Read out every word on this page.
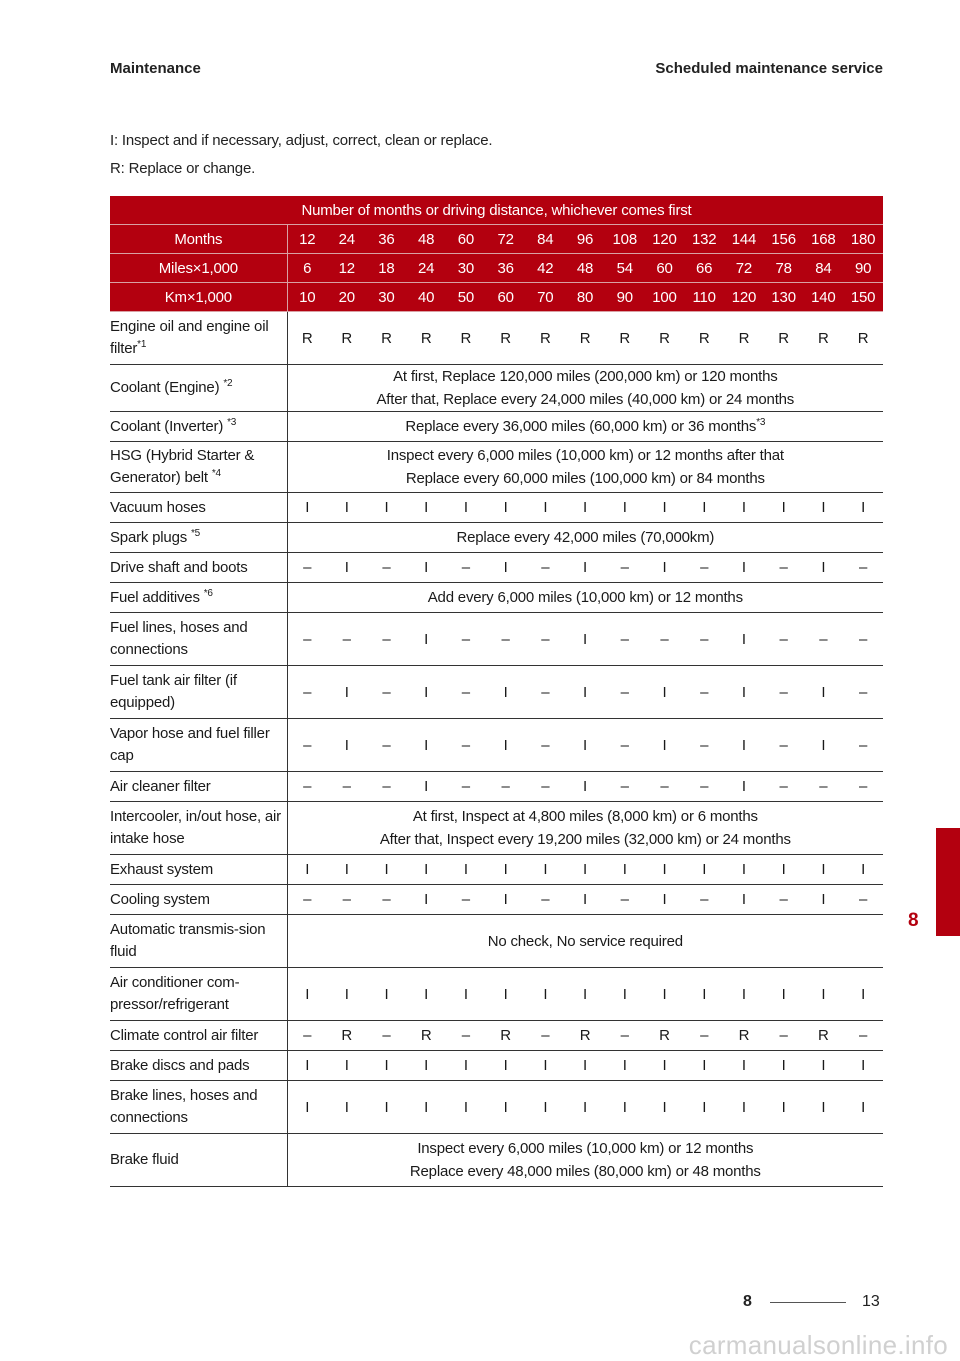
Maintenance	Scheduled maintenance service
I: Inspect and if necessary, adjust, correct, clean or replace.
R: Replace or change.
Number of months or driving distance, whichever comes first															
Months	12	24	36	48	60	72	84	96	108	120	132	144	156	168	180
Miles×1,000	6	12	18	24	30	36	42	48	54	60	66	72	78	84	90
Km×1,000	10	20	30	40	50	60	70	80	90	100	110	120	130	140	150
Engine oil and engine oil filter$^{*1}$	R	R	R	R	R	R	R	R	R	R	R	R	R	R	R
Coolant (Engine) $^{*2}$	At first, Replace 120,000 miles (200,000 km) or 120 months
After that, Replace every 24,000 miles (40,000 km) or 24 months														

Coolant (Inverter) $^{*3}$	Replace every 36,000 miles (60,000 km) or 36 months$^{*3}$

HSG (Hybrid Starter & Generator) belt $^{*4}$	Inspect every 6,000 miles (10,000 km) or 12 months after that
Replace every 60,000 miles (100,000 km) or 84 months														

Vacuum hoses	I	I	I	I	I	I	I	I	I	I	I	I	I	I	I
Spark plugs $^{*5}$	Replace every 42,000 miles (70,000km)														

Drive shaft and boots	–	I	–	I	–	I	–	I	–	I	–	I	–	I	–
Fuel additives $^{*6}$	Add every 6,000 miles (10,000 km) or 12 months														

Fuel lines, hoses and connections	–	–	–	I	–	–	–	I	–	–	–	I	–	–	–
Fuel tank air filter (if equipped)	–	I	–	I	–	I	–	I	–	I	–	I	–	I	–
Vapor hose and fuel filler cap	–	I	–	I	–	I	–	I	–	I	–	I	–	I	–
Air cleaner filter	–	–	–	I	–	–	–	I	–	–	–	I	–	–	–
Intercooler, in/out hose, air intake hose	At first, Inspect at 4,800 miles (8,000 km) or 6 months
After that, Inspect every 19,200 miles (32,000 km) or 24 months														

Exhaust system	I	I	I	I	I	I	I	I	I	I	I	I	I	I	I
Cooling system	–	–	–	I	–	I	–	I	–	I	–	I	–	I	–
Automatic transmis-sion fluid	No check, No service required														

Air conditioner com-pressor/refrigerant	I	I	I	I	I	I	I	I	I	I	I	I	I	I	I
Climate control air filter	–	R	–	R	–	R	–	R	–	R	–	R	–	R	–
Brake discs and pads	I	I	I	I	I	I	I	I	I	I	I	I	I	I	I
Brake lines, hoses and connections	I	I	I	I	I	I	I	I	I	I	I	I	I	I	I
Brake fluid	Inspect every 6,000 miles (10,000 km) or 12 months
Replace every 48,000 miles (80,000 km) or 48 months														
8
8	13
carmanualsonline.info
